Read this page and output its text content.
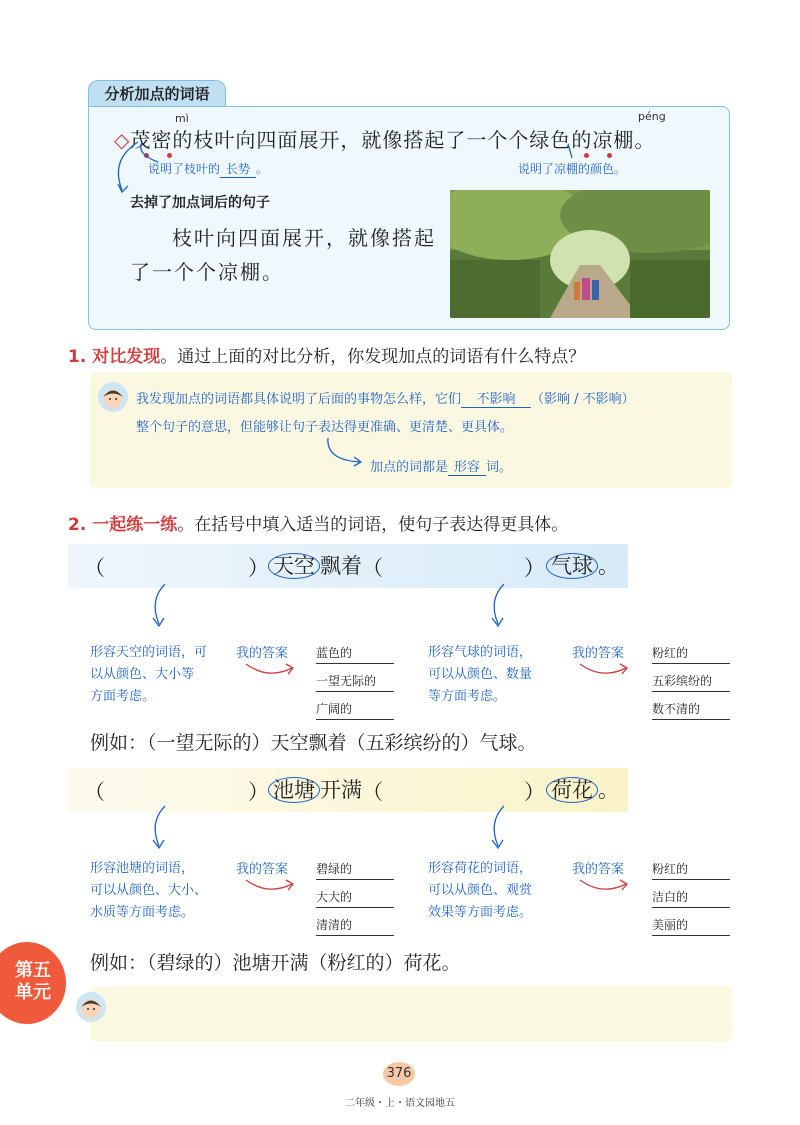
分析加点的词语
mì	péng
◇茂密的枝叶向四面展开，就像搭起了一个个绿色的凉棚。
说明了枝叶的 长势 。	说明了凉棚的颜色。
去掉了加点词后的句子
枝叶向四面展开，就像搭起
了一个个凉棚。
1. 对比发现。通过上面的对比分析，你发现加点的词语有什么特点？
我发现加点的词语都具体说明了后面的事物怎么样，它们 不影响 （影响 / 不影响）
整个句子的意思，但能够让句子表达得更准确、更清楚、更具体。
加点的词都是 形容 词。
2. 一起练一练。在括号中填入适当的词语，使句子表达得更具体。
（	） 天空 飘着 （	） 气球 。
形容天空的词语，可
以从颜色、大小等
方面考虑。
我的答案 蓝色的
一望无际的
广阔的
形容气球的词语，
可以从颜色、数量
等方面考虑。
我的答案 粉红的
五彩缤纷的
数不清的
例如：（一望无际的）天空飘着（五彩缤纷的）气球。
（	） 池塘 开满 （	） 荷花 。
形容池塘的词语，
可以从颜色、大小、
水质等方面考虑。
我的答案 碧绿的
大大的
清清的
形容荷花的词语，
可以从颜色、观赏
效果等方面考虑。
我的答案 粉红的
洁白的
美丽的
例如：（碧绿的）池塘开满（粉红的）荷花。
第五
单元
376
二年级・上・语文园地五
